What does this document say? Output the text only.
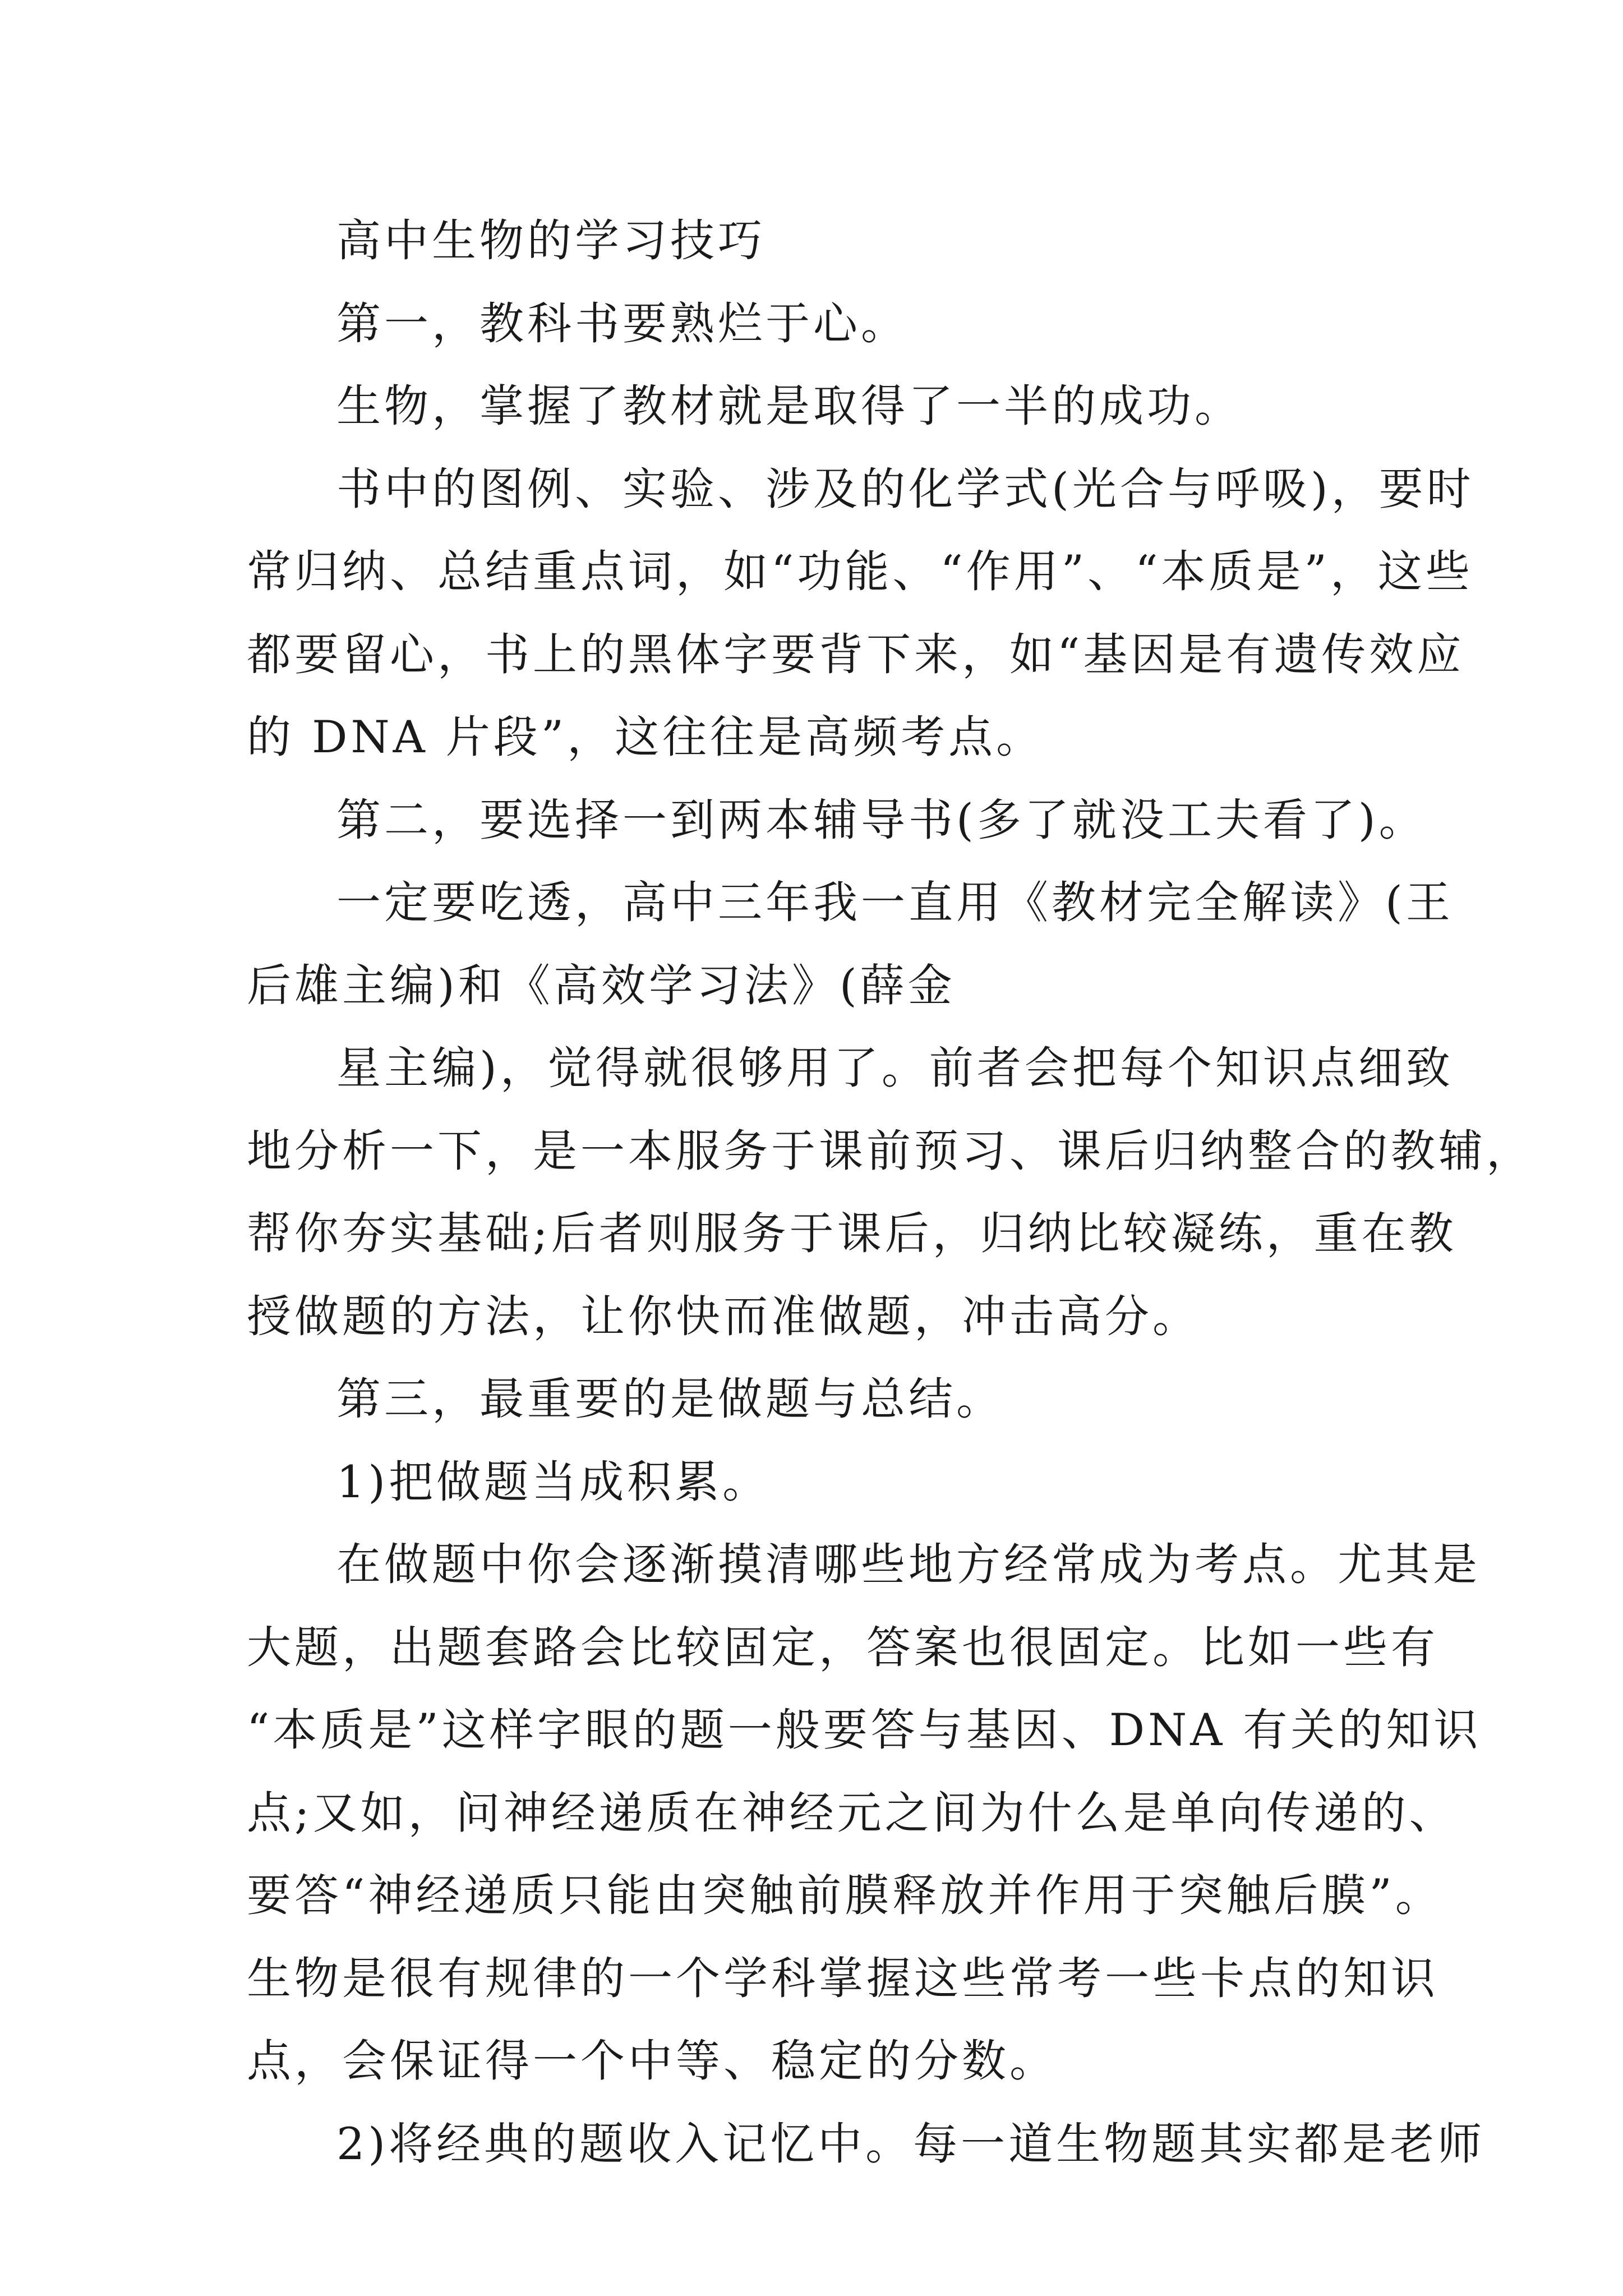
高中生物的学习技巧
第一，教科书要熟烂于心。
生物，掌握了教材就是取得了一半的成功。
书中的图例、实验、涉及的化学式(光合与呼吸)，要时
常归纳、总结重点词，如“功能、“作用”、“本质是”，这些
都要留心，书上的黑体字要背下来，如“基因是有遗传效应
的 DNA 片段”，这往往是高频考点。
第二，要选择一到两本辅导书(多了就没工夫看了)。
一定要吃透，高中三年我一直用《教材完全解读》(王
后雄主编)和《高效学习法》(薛金
星主编)，觉得就很够用了。前者会把每个知识点细致
地分析一下，是一本服务于课前预习、课后归纳整合的教辅，
帮你夯实基础;后者则服务于课后，归纳比较凝练，重在教
授做题的方法，让你快而准做题，冲击高分。
第三，最重要的是做题与总结。
1)把做题当成积累。
在做题中你会逐渐摸清哪些地方经常成为考点。尤其是
大题，出题套路会比较固定，答案也很固定。比如一些有
“本质是”这样字眼的题一般要答与基因、DNA 有关的知识
点;又如，问神经递质在神经元之间为什么是单向传递的、
要答“神经递质只能由突触前膜释放并作用于突触后膜”。
生物是很有规律的一个学科掌握这些常考一些卡点的知识
点，会保证得一个中等、稳定的分数。
2)将经典的题收入记忆中。每一道生物题其实都是老师
